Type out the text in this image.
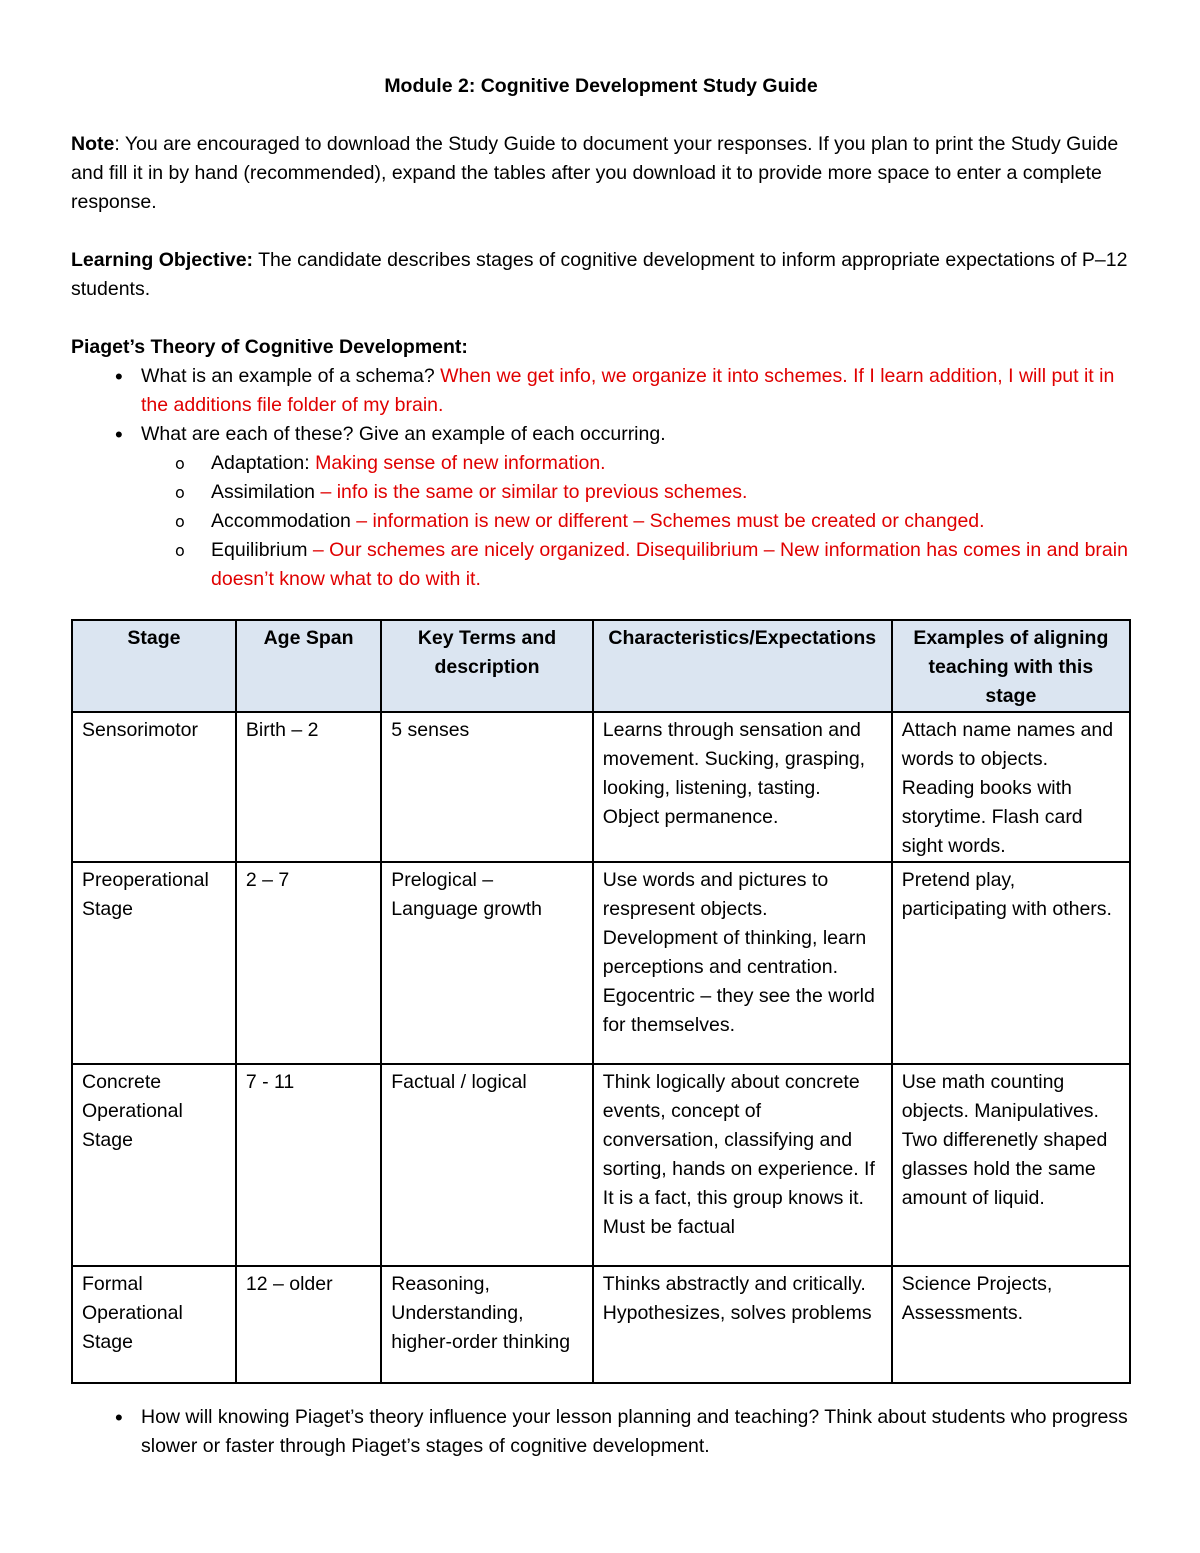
Module 2: Cognitive Development Study Guide

Note: You are encouraged to download the Study Guide to document your responses. If you plan to print the Study Guide and fill it in by hand (recommended), expand the tables after you download it to provide more space to enter a complete response.

Learning Objective: The candidate describes stages of cognitive development to inform appropriate expectations of P–12 students.

Piaget’s Theory of Cognitive Development:
• What is an example of a schema? When we get info, we organize it into schemes. If I learn addition, I will put it in the additions file folder of my brain.
• What are each of these? Give an example of each occurring.
o Adaptation: Making sense of new information.
o Assimilation – info is the same or similar to previous schemes.
o Accommodation – information is new or different – Schemes must be created or changed.
o Equilibrium – Our schemes are nicely organized. Disequilibrium – New information has comes in and brain doesn’t know what to do with it.
Stage	Age Span	Key Terms and description	Characteristics/Expectations	Examples of aligning teaching with this stage
Sensorimotor	Birth – 2	5 senses	Learns through sensation and movement. Sucking, grasping, looking, listening, tasting. Object permanence.	Attach name names and words to objects. Reading books with storytime. Flash card sight words.
Preoperational Stage	2 – 7	Prelogical – Language growth	Use words and pictures to respresent objects. Development of thinking, learn perceptions and centration. Egocentric – they see the world for themselves.	Pretend play, participating with others.
Concrete Operational Stage	7 - 11	Factual / logical	Think logically about concrete events, concept of conversation, classifying and sorting, hands on experience. If It is a fact, this group knows it. Must be factual	Use math counting objects. Manipulatives. Two differenetly shaped glasses hold the same amount of liquid.
Formal Operational Stage	12 – older	Reasoning, Understanding, higher-order thinking	Thinks abstractly and critically. Hypothesizes, solves problems	Science Projects, Assessments.
• How will knowing Piaget’s theory influence your lesson planning and teaching? Think about students who progress slower or faster through Piaget’s stages of cognitive development.
